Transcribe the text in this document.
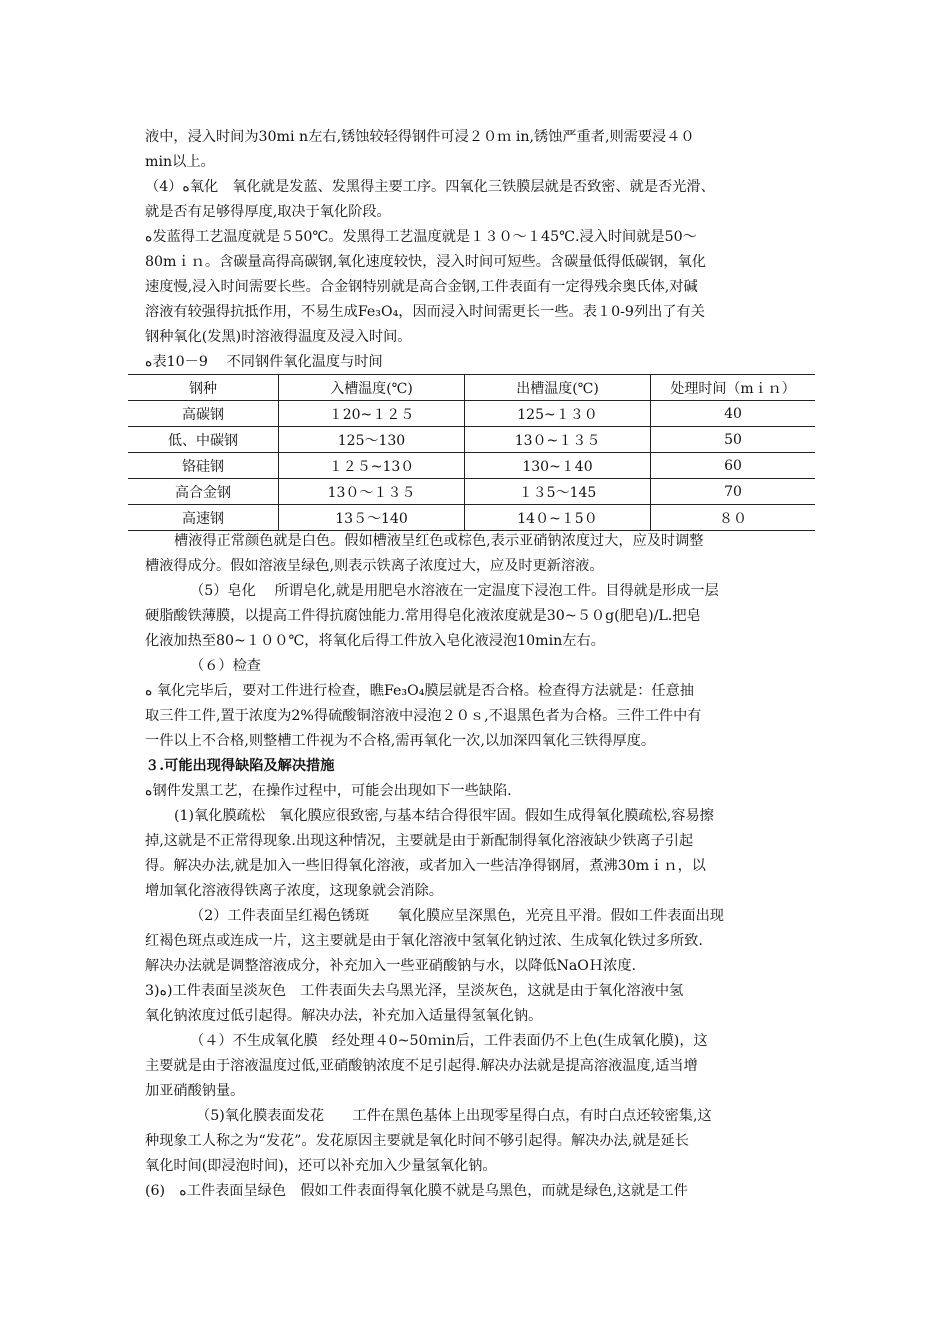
液中，浸入时间为30mi n左右,锈蚀较轻得钢件可浸２０ｍ in,锈蚀严重者,则需要浸４０
min以上。
（4）ﻩ氧化　氧化就是发蓝、发黑得主要工序。四氧化三铁膜层就是否致密、就是否光滑、
就是否有足够得厚度,取决于氧化阶段。
ﻩ发蓝得工艺温度就是５50℃。发黑得工艺温度就是１３０～１45℃.浸入时间就是50～
80mｉｎ。含碳量高得高碳钢,氧化速度较快，浸入时间可短些。含碳量低得低碳钢，氧化
速度慢,浸入时间需要长些。合金钢特别就是高合金钢,工件表面有一定得残余奥氏体,对碱
溶液有较强得抗抵作用，不易生成Fe₃O₄，因而浸入时间需更长一些。表１0-9列出了有关
钢种氧化(发黑)时溶液得温度及浸入时间。
ﻩ表10－9　 不同钢件氧化温度与时间
钢种	入槽温度(℃)	出槽温度(℃)	处理时间（mｉｎ）
高碳钢	１20~１２５	125~１３０	40
低、中碳钢	125～130	13０~１３５	50
铬硅钢	１２５~13０	130~１40	60
高合金钢	13０～１３５	１３5～145	70
高速钢	13５～140	14０~１5０	８０
槽液得正常颜色就是白色。假如槽液呈红色或棕色,表示亚硝钠浓度过大，应及时调整
槽液得成分。假如溶液呈绿色,则表示铁离子浓度过大，应及时更新溶液。
（5）皂化　 所谓皂化,就是用肥皂水溶液在一定温度下浸泡工件。目得就是形成一层
硬脂酸铁薄膜，以提高工件得抗腐蚀能力.常用得皂化液浓度就是30~５０g(肥皂)/L.把皂
化液加热至80~１００℃，将氧化后得工件放入皂化液浸泡10min左右。
（６）检查
ﻩ 氧化完毕后，要对工件进行检查，瞧Fe₃O₄膜层就是否合格。检查得方法就是：任意抽
取三件工件,置于浓度为2%得硫酸铜溶液中浸泡２０ｓ,不退黑色者为合格。三件工件中有
一件以上不合格,则整槽工件视为不合格,需再氧化一次,以加深四氧化三铁得厚度。
３.可能出现得缺陷及解决措施
ﻩ钢件发黑工艺，在操作过程中，可能会出现如下一些缺陷.
(1)氧化膜疏松　氧化膜应很致密,与基本结合得很牢固。假如生成得氧化膜疏松,容易擦
掉,这就是不正常得现象.出现这种情况，主要就是由于新配制得氧化溶液缺少铁离子引起
得。解决办法,就是加入一些旧得氧化溶液，或者加入一些洁净得钢屑，煮沸30mｉｎ，以
增加氧化溶液得铁离子浓度，这现象就会消除。
（2）工件表面呈红褐色锈斑　　氧化膜应呈深黑色，光亮且平滑。假如工件表面出现
红褐色斑点或连成一片，这主要就是由于氧化溶液中氢氧化钠过浓、生成氧化铁过多所致.
解决办法就是调整溶液成分，补充加入一些亚硝酸钠与水，以降低NaOＨ浓度.
3)ﻩ)工件表面呈淡灰色　工件表面失去乌黑光泽，呈淡灰色，这就是由于氧化溶液中氢
氧化钠浓度过低引起得。解决办法，补充加入适量得氢氧化钠。
（４）不生成氧化膜　经处理４0~50ｍin后，工件表面仍不上色(生成氧化膜)，这
主要就是由于溶液温度过低,亚硝酸钠浓度不足引起得.解决办法就是提高溶液温度,适当增
加亚硝酸钠量。
（5)氧化膜表面发花　　工件在黑色基体上出现零星得白点，有时白点还较密集,这
种现象工人称之为“发花”。发花原因主要就是氧化时间不够引起得。解决办法,就是延长
氧化时间(即浸泡时间)，还可以补充加入少量氢氧化钠。
(6)　ﻩ工件表面呈绿色　假如工件表面得氧化膜不就是乌黑色，而就是绿色,这就是工件
